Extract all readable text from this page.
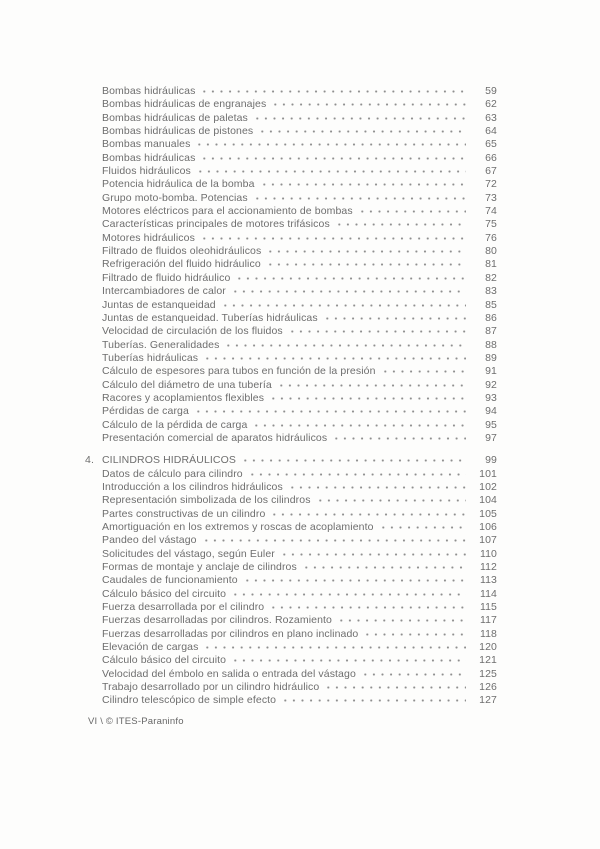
Bombas hidráulicas	59
Bombas hidráulicas de engranajes	62
Bombas hidráulicas de paletas	63
Bombas hidráulicas de pistones	64
Bombas manuales	65
Bombas hidráulicas	66
Fluidos hidráulicos	67
Potencia hidráulica de la bomba	72
Grupo moto-bomba. Potencias	73
Motores eléctricos para el accionamiento de bombas	74
Características principales de motores trifásicos	75
Motores hidráulicos	76
Filtrado de fluidos oleohidráulicos	80
Refrigeración del fluido hidráulico	81
Filtrado de fluido hidráulico	82
Intercambiadores de calor	83
Juntas de estanqueidad	85
Juntas de estanqueidad. Tuberías hidráulicas	86
Velocidad de circulación de los fluidos	87
Tuberías. Generalidades	88
Tuberías hidráulicas	89
Cálculo de espesores para tubos en función de la presión	91
Cálculo del diámetro de una tubería	92
Racores y acoplamientos flexibles	93
Pérdidas de carga	94
Cálculo de la pérdida de carga	95
Presentación comercial de aparatos hidráulicos	97
4. CILINDROS HIDRÁULICOS	99
Datos de cálculo para cilindro	101
Introducción a los cilindros hidráulicos	102
Representación simbolizada de los cilindros	104
Partes constructivas de un cilindro	105
Amortiguación en los extremos y roscas de acoplamiento	106
Pandeo del vástago	107
Solicitudes del vástago, según Euler	110
Formas de montaje y anclaje de cilindros	112
Caudales de funcionamiento	113
Cálculo básico del circuito	114
Fuerza desarrollada por el cilindro	115
Fuerzas desarrolladas por cilindros. Rozamiento	117
Fuerzas desarrolladas por cilindros en plano inclinado	118
Elevación de cargas	120
Cálculo básico del circuito	121
Velocidad del émbolo en salida o entrada del vástago	125
Trabajo desarrollado por un cilindro hidráulico	126
Cilindro telescópico de simple efecto	127
VI \ © ITES-Paraninfo
